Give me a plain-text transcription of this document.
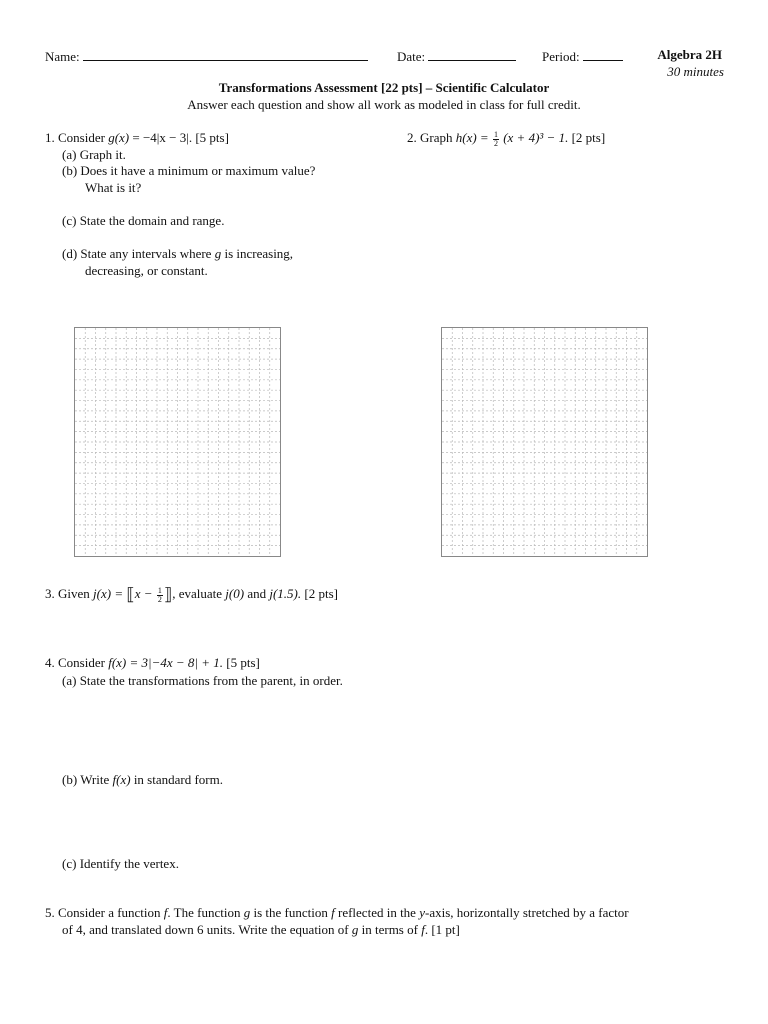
Name:	Date:	Period:	Algebra 2H
30 minutes
Transformations Assessment [22 pts] – Scientific Calculator
Answer each question and show all work as modeled in class for full credit.
1. Consider g(x) = −4|x − 3|. [5 pts]
(a) Graph it.
(b) Does it have a minimum or maximum value?
What is it?
(c) State the domain and range.
(d) State any intervals where g is increasing,
decreasing, or constant.
2. Graph $h(x) = \frac{1}{2} (x + 4)^3 - 1$. [2 pts]
3. Given j(x) = ⟦x − $\frac{1}{2}$ ⟧, evaluate j(0) and j(1.5). [2 pts]
4. Consider f(x) = 3|−4x − 8| + 1. [5 pts]
(a) State the transformations from the parent, in order.
(b) Write f(x) in standard form.
(c) Identify the vertex.
5. Consider a function f. The function g is the function f reflected in the y-axis, horizontally stretched by a factor
of 4, and translated down 6 units. Write the equation of g in terms of f. [1 pt]
